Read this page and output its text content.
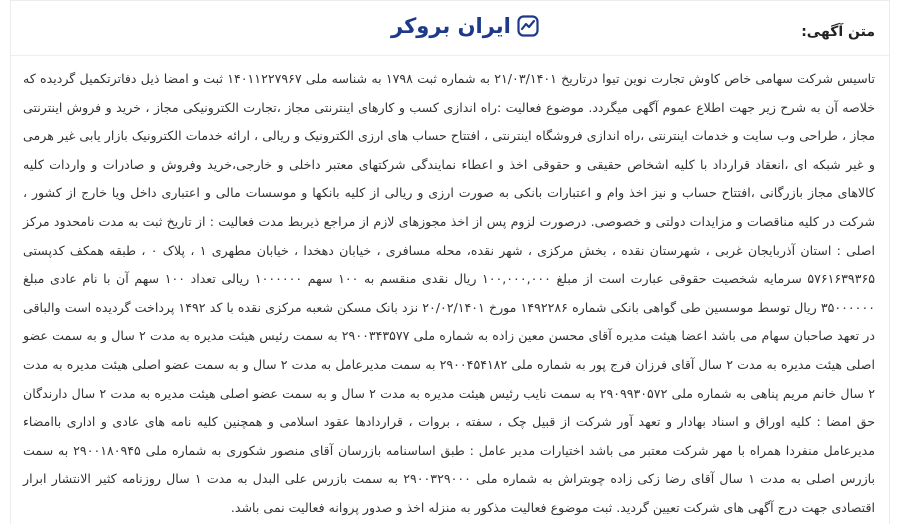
ایران بروکر	متن آگهی:
تاسیس شرکت سهامی خاص کاوش تجارت نوین تیوا درتاریخ ۲۱/۰۳/۱۴۰۱ به شماره ثبت ۱۷۹۸ به شناسه ملی ۱۴۰۱۱۲۲۷۹۶۷ ثبت و امضا ذیل دفاترتکمیل گردیده که خلاصه آن به شرح زیر جهت اطلاع عموم آگهی میگردد. موضوع فعالیت :راه اندازی کسب و کارهای اینترنتی مجاز ،تجارت الکترونیکی مجاز ، خرید و فروش اینترنتی مجاز ، طراحی وب سایت و خدمات اینترنتی ،راه اندازی فروشگاه اینترنتی ، افتتاح حساب های ارزی الکترونیک و ریالی ، ارائه خدمات الکترونیک بازار یابی غیر هرمی و غیر شبکه ای ،انعقاد قرارداد با کلیه اشخاص حقیقی و حقوقی اخذ و اعطاء نمایندگی شرکتهای معتبر داخلی و خارجی،خرید وفروش و صادرات و واردات کلیه کالاهای مجاز بازرگانی ،افتتاح حساب و نیز اخذ وام و اعتبارات بانکی به صورت ارزی و ریالی از کلیه بانکها و موسسات مالی و اعتباری داخل ویا خارج از کشور ، شرکت در کلیه مناقصات و مزایدات دولتی و خصوصی. درصورت لزوم پس از اخذ مجوزهای لازم از مراجع ذیربط مدت فعالیت : از تاریخ ثبت به مدت نامحدود مرکز اصلی : استان آذربایجان غربی ، شهرستان نقده ، بخش مرکزی ، شهر نقده، محله مسافری ، خیابان دهخدا ، خیابان مطهری ۱ ، پلاک ۰ ، طبقه همکف کدپستی ۵۷۶۱۶۳۹۳۶۵ سرمایه شخصیت حقوقی عبارت است از مبلغ ۱۰۰,۰۰۰,۰۰۰ ریال نقدی منقسم به ۱۰۰ سهم ۱۰۰۰۰۰۰ ریالی تعداد ۱۰۰ سهم آن با نام عادی مبلغ ۳۵۰۰۰۰۰۰ ریال توسط موسسین طی گواهی بانکی شماره ۱۴۹۲۲۸۶ مورخ ۲۰/۰۲/۱۴۰۱ نزد بانک مسکن شعبه مرکزی نقده با کد ۱۴۹۲ پرداخت گردیده است والباقی در تعهد صاحبان سهام می باشد اعضا هیئت مدیره آقای محسن معین زاده به شماره ملی ۲۹۰۰۳۴۳۵۷۷ به سمت رئیس هیئت مدیره به مدت ۲ سال و به سمت عضو اصلی هیئت مدیره به مدت ۲ سال آقای فرزان فرج پور به شماره ملی ۲۹۰۰۴۵۴۱۸۲ به سمت مدیرعامل به مدت ۲ سال و به سمت عضو اصلی هیئت مدیره به مدت ۲ سال خانم مریم پناهی به شماره ملی ۲۹۰۹۹۳۰۵۷۲ به سمت نایب رئیس هیئت مدیره به مدت ۲ سال و به سمت عضو اصلی هیئت مدیره به مدت ۲ سال دارندگان حق امضا : کلیه اوراق و اسناد بهادار و تعهد آور شرکت از قبیل چک ، سفته ، بروات ، قراردادها عقود اسلامی و همچنین کلیه نامه های عادی و اداری باامضاء مدیرعامل منفردا همراه با مهر شرکت معتبر می باشد اختیارات مدیر عامل : طبق اساسنامه بازرسان آقای منصور شکوری به شماره ملی ۲۹۰۰۱۸۰۹۴۵ به سمت بازرس اصلی به مدت ۱ سال آقای رضا زکی زاده چوبتراش به شماره ملی ۲۹۰۰۳۲۹۰۰۰ به سمت بازرس علی البدل به مدت ۱ سال روزنامه کثیر الانتشار ابرار اقتصادی جهت درج آگهی های شرکت تعیین گردید. ثبت موضوع فعالیت مذکور به منزله اخذ و صدور پروانه فعالیت نمی باشد.
